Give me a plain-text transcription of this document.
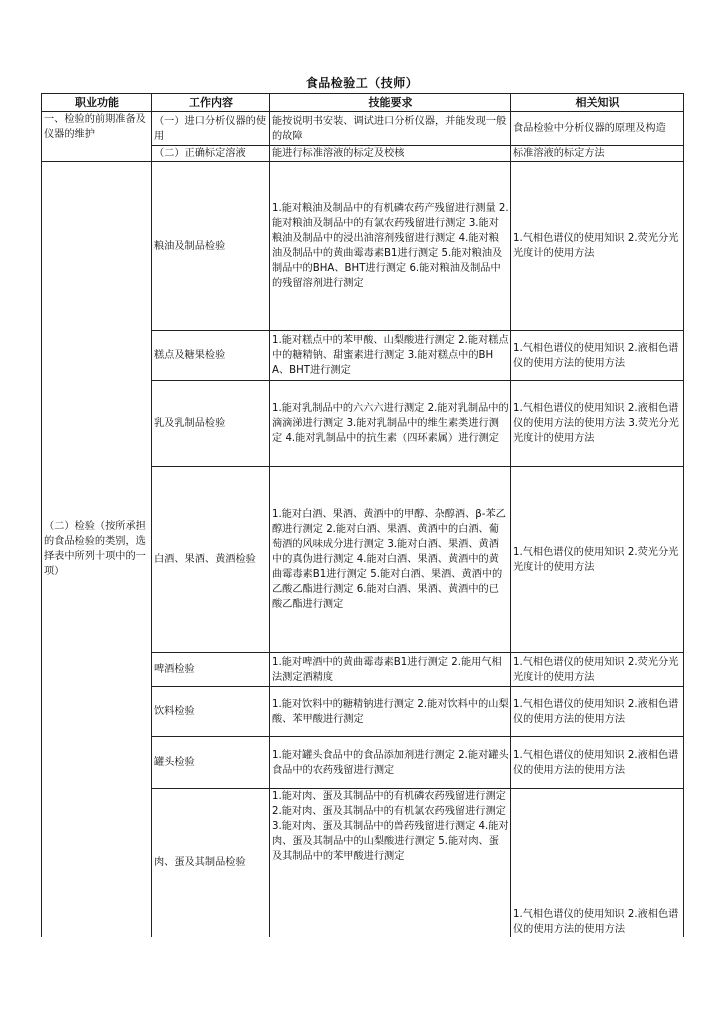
食品检验工（技师）
职业功能	工作内容	技能要求	相关知识
一、检验的前期准备及仪器的维护	（一）进口分析仪器的使用	能按说明书安装、调试进口分析仪器，并能发现一般的故障	食品检验中分析仪器的原理及构造
	（二）正确标定溶液	能进行标准溶液的标定及校核	标准溶液的标定方法
（二）检验（按所承担的食品检验的类别，选择表中所列十项中的一项）	粮油及制品检验	1.能对粮油及制品中的有机磷农药产残留进行测量 2.能对粮油及制品中的有氯农药残留进行测定 3.能对粮油及制品中的浸出油溶剂残留进行测定 4.能对粮油及制品中的黄曲霉毒素B1进行测定 5.能对粮油及制品中的BHA、BHT进行测定 6.能对粮油及制品中的残留溶剂进行测定	1.气相色谱仪的使用知识 2.荧光分光光度计的使用方法
	糕点及糖果检验	1.能对糕点中的苯甲酸、山梨酸进行测定 2.能对糕点中的糖精钠、甜蜜素进行测定 3.能对糕点中的BHA、BHT进行测定	1.气相色谱仪的使用知识 2.液相色谱仪的使用方法的使用方法
	乳及乳制品检验	1.能对乳制品中的六六六进行测定 2.能对乳制品中的滴滴涕进行测定 3.能对乳制品中的维生素类进行测定 4.能对乳制品中的抗生素（四环素属）进行测定	1.气相色谱仪的使用知识 2.液相色谱仪的使用方法的使用方法 3.荧光分光光度计的使用方法
	白酒、果酒、黄酒检验	1.能对白酒、果酒、黄酒中的甲醇、杂醇酒、β-苯乙醇进行测定 2.能对白酒、果酒、黄酒中的白酒、葡萄酒的风味成分进行测定 3.能对白酒、果酒、黄酒中的真伪进行测定 4.能对白酒、果酒、黄酒中的黄曲霉毒素B1进行测定 5.能对白酒、果酒、黄酒中的乙酸乙酯进行测定 6.能对白酒、果酒、黄酒中的已酸乙酯进行测定	1.气相色谱仪的使用知识 2.荧光分光光度计的使用方法
	啤酒检验	1.能对啤酒中的黄曲霉毒素B1进行测定 2.能用气相法测定酒精度	1.气相色谱仪的使用知识 2.荧光分光光度计的使用方法
	饮料检验	1.能对饮料中的糖精钠进行测定 2.能对饮料中的山梨酸、苯甲酸进行测定	1.气相色谱仪的使用知识 2.液相色谱仪的使用方法的使用方法
	罐头检验	1.能对罐头食品中的食品添加剂进行测定 2.能对罐头食品中的农药残留进行测定	1.气相色谱仪的使用知识 2.液相色谱仪的使用方法的使用方法
	肉、蛋及其制品检验	1.能对肉、蛋及其制品中的有机磷农药残留进行测定 2.能对肉、蛋及其制品中的有机氯农药残留进行测定 3.能对肉、蛋及其制品中的兽药残留进行测定 4.能对肉、蛋及其制品中的山梨酸进行测定 5.能对肉、蛋及其制品中的苯甲酸进行测定	1.气相色谱仪的使用知识 2.液相色谱仪的使用方法的使用方法
